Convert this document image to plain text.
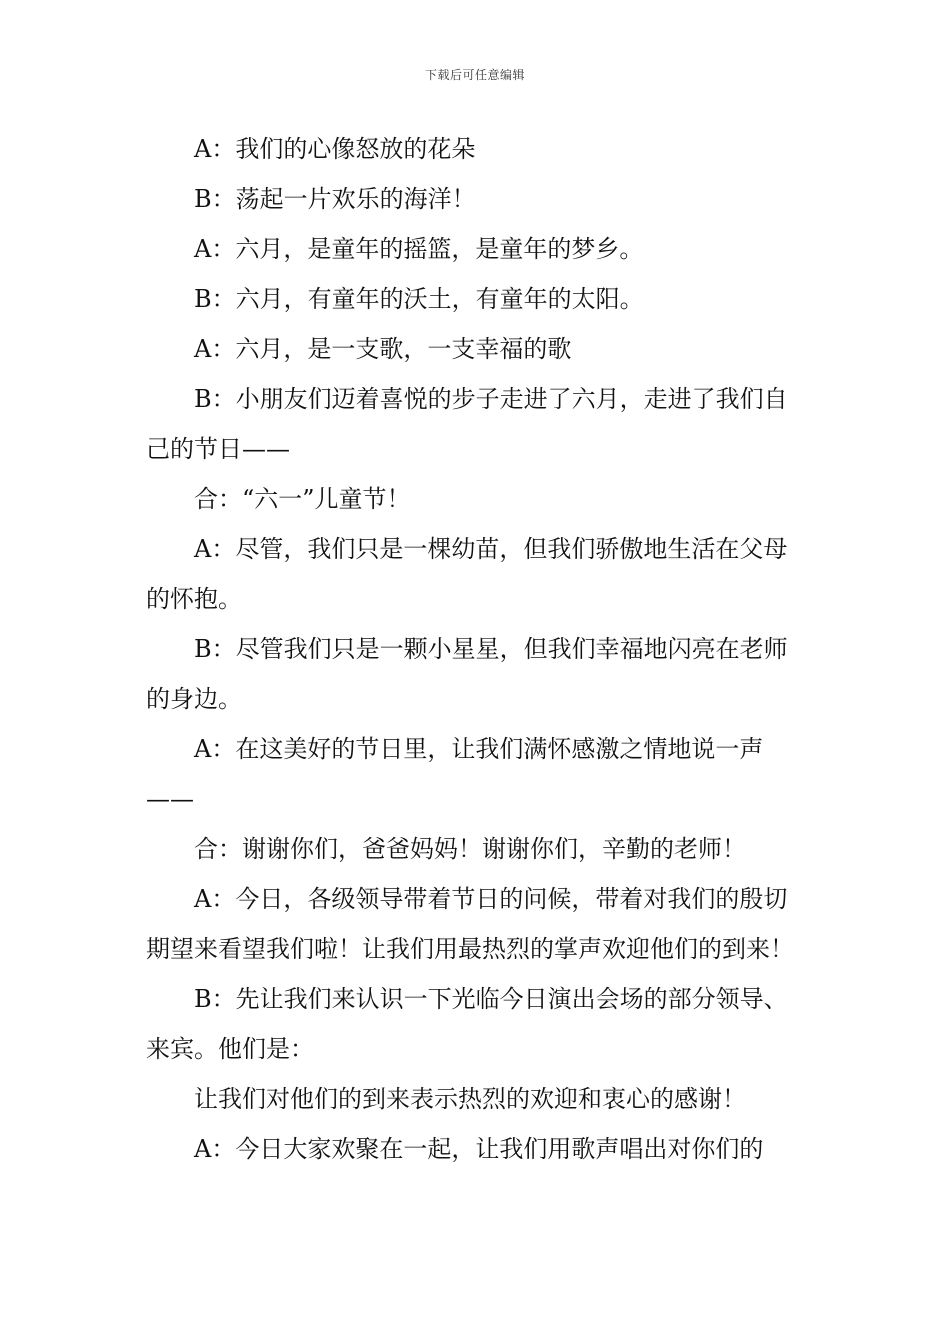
下载后可任意编辑

A：我们的心像怒放的花朵

B：荡起一片欢乐的海洋！

A：六月，是童年的摇篮，是童年的梦乡。

B：六月，有童年的沃土，有童年的太阳。

A：六月，是一支歌，一支幸福的歌

B：小朋友们迈着喜悦的步子走进了六月，走进了我们自己的节日——

合：“六一”儿童节！

A：尽管，我们只是一棵幼苗，但我们骄傲地生活在父母的怀抱。

B：尽管我们只是一颗小星星，但我们幸福地闪亮在老师的身边。

A：在这美好的节日里，让我们满怀感激之情地说一声——

合：谢谢你们，爸爸妈妈！谢谢你们，辛勤的老师！

A：今日，各级领导带着节日的问候，带着对我们的殷切期望来看望我们啦！让我们用最热烈的掌声欢迎他们的到来！

B：先让我们来认识一下光临今日演出会场的部分领导、来宾。他们是：

让我们对他们的到来表示热烈的欢迎和衷心的感谢！

A：今日大家欢聚在一起，让我们用歌声唱出对你们的
